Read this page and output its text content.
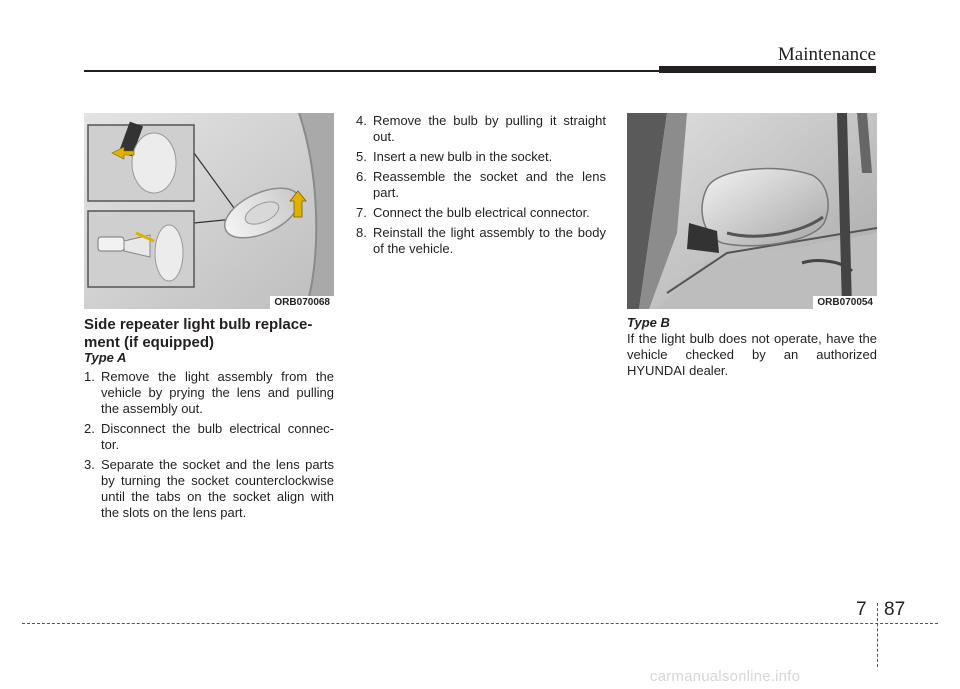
Maintenance
ORB070068	ORB070054
Side repeater light bulb replace-ment (if equipped)
Type A
1. Remove the light assembly from the vehicle by prying the lens and pulling the assembly out.
2. Disconnect the bulb electrical connec-tor.
3. Separate the socket and the lens parts by turning the socket counterclockwise until the tabs on the socket align with the slots on the lens part.
4. Remove the bulb by pulling it straight out.
5. Insert a new bulb in the socket.
6. Reassemble the socket and the lens part.
7. Connect the bulb electrical connector.
8. Reinstall the light assembly to the body of the vehicle.
Type B

If the light bulb does not operate, have the vehicle checked by an authorized HYUNDAI dealer.

7 87
carmanualsonline.info
